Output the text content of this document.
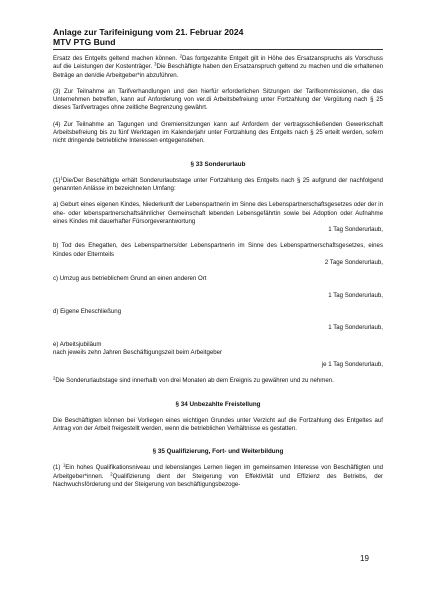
Anlage zur Tarifeinigung vom 21. Februar 2024
MTV PTG Bund

Ersatz des Entgelts geltend machen können. $^2$Das fortgezahlte Entgelt gilt in Höhe des Ersatzanspruchs als Vorschuss auf die Leistungen der Kostenträger. $^3$Die Beschäftigte haben den Ersatzanspruch geltend zu machen und die erhaltenen Beträge an den/die Arbeitgeber*in abzuführen.

(3) Zur Teilnahme an Tarifverhandlungen und den hierfür erforderlichen Sitzungen der Tarifkommissionen, die das Unternehmen betreffen, kann auf Anforderung von ver.di Arbeitsbefreiung unter Fortzahlung der Vergütung nach § 25 dieses Tarifvertrages ohne zeitliche Begrenzung gewährt.

(4) Zur Teilnahme an Tagungen und Gremiensitzungen kann auf Anfordern der vertragsschließenden Gewerkschaft Arbeitsbefreiung bis zu fünf Werktagen im Kalenderjahr unter Fortzahlung des Entgelts nach § 25 erteilt werden, sofern nicht dringende betriebliche Interessen entgegenstehen.

§ 33 Sonderurlaub

$(1)^1Die$/Der Beschäftigte erhält Sonderurlaubstage unter Fortzahlung des Entgelts nach § 25 aufgrund der nachfolgend genannten Anlässe im bezeichneten Umfang:

a) Geburt eines eigenen Kindes, Niederkunft der Lebenspartnerin im Sinne des Lebenspartnerschaftsgesetzes oder der in ehe- oder lebenspartnerschaftsähnlicher Gemeinschaft lebenden Lebensgefährtin sowie bei Adoption oder Aufnahme eines Kindes mit dauerhafter Fürsorgeverantwortung

1 Tag Sonderurlaub,

b) Tod des Ehegatten, des Lebenspartners/der Lebenspartnerin im Sinne des Lebenspartnerschaftsgesetzes, eines Kindes oder Elternteils

2 Tage Sonderurlaub,

c) Umzug aus betrieblichem Grund an einen anderen Ort

1 Tag Sonderurlaub,

d) Eigene Eheschließung

1 Tag Sonderurlaub,

e) Arbeitsjubiläum

nach jeweils zehn Jahren Beschäftigungszeit beim Arbeitgeber

je 1 Tag Sonderurlaub,

$^2$Die Sonderurlaubstage sind innerhalb von drei Monaten ab dem Ereignis zu gewähren und zu nehmen.

§ 34 Unbezahlte Freistellung

Die Beschäftigten können bei Vorliegen eines wichtigen Grundes unter Verzicht auf die Fortzahlung des Entgeltes auf Antrag von der Arbeit freigestellt werden, wenn die betrieblichen Verhältnisse es gestatten.

§ 35 Qualifizierung, Fort- und Weiterbildung

(1) $^1$Ein hohes Qualifikationsniveau und lebenslanges Lernen liegen im gemeinsamen Interesse von Beschäftigten und Arbeitgeber*innen. $^2$Qualifizierung dient der Steigerung von Effektivität und Effizienz des Betriebs, der Nachwuchsförderung und der Steigerung von beschäftigungsbezoge-

19
